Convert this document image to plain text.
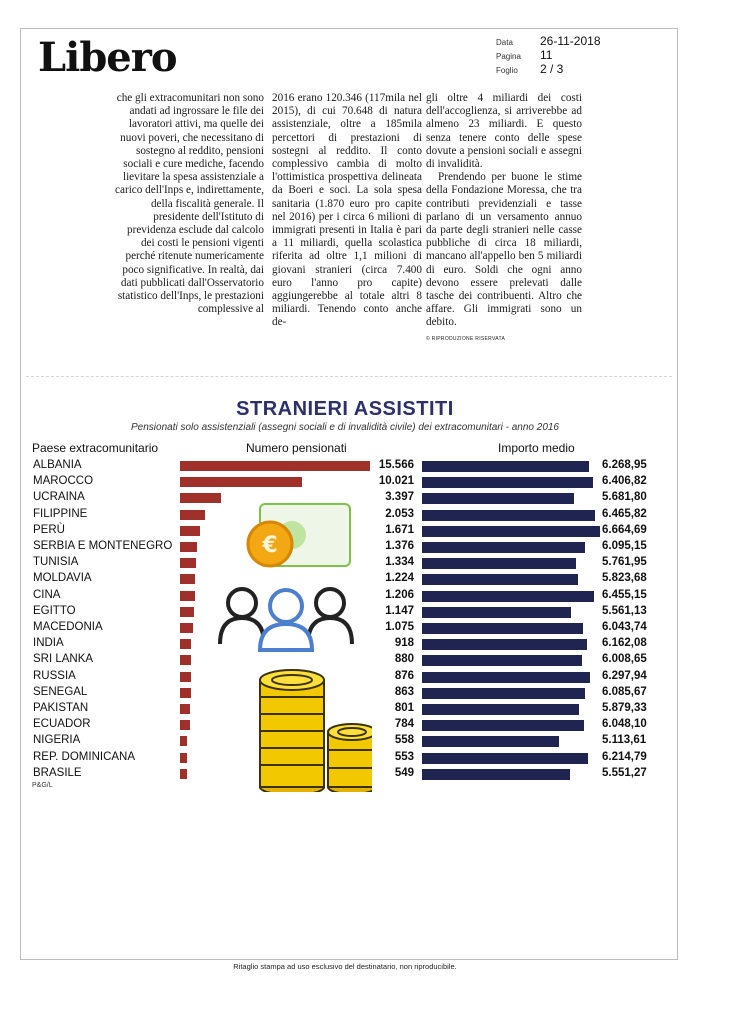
Libero	Data	26-11-2018
Pagina	11
Foglio	2 / 3

che gli extracomunitari non sono andati ad ingrossare le file dei lavoratori attivi, ma quelle dei nuovi poveri, che necessitano di sostegno al reddito, pensioni sociali e cure mediche, facendo lievitare la spesa assistenziale a carico dell'Inps e, indirettamente, della fiscalità generale. Il presidente dell'Istituto di previdenza esclude dal calcolo dei costi le pensioni vigenti perché ritenute numericamente poco significative. In realtà, dai dati pubblicati dall'Osservatorio statistico dell'Inps, le prestazioni complessive al

2016 erano 120.346 (117mila nel 2015), di cui 70.648 di natura assistenziale, oltre a 185mila percettori di prestazioni di sostegni al reddito. Il conto complessivo cambia di molto l'ottimistica prospettiva delineata da Boeri e soci. La sola spesa sanitaria (1.870 euro pro capite nel 2016) per i circa 6 milioni di immigrati presenti in Italia è pari a 11 miliardi, quella scolastica riferita ad oltre 1,1 milioni di giovani stranieri (circa 7.400 euro l'anno pro capite) aggiungerebbe al totale altri 8 miliardi. Tenendo conto anche de-

gli oltre 4 miliardi dei costi dell'accoglienza, si arriverebbe ad almeno 23 miliardi. E questo senza tenere conto delle spese dovute a pensioni sociali e assegni di invalidità.

Prendendo per buone le stime della Fondazione Moressa, che tra contributi previdenziali e tasse parlano di un versamento annuo da parte degli stranieri nelle casse pubbliche di circa 18 miliardi, mancano all'appello ben 5 miliardi di euro. Soldi che ogni anno devono essere prelevati dalle tasche dei contribuenti. Altro che affare. Gli immigrati sono un debito.

© RIPRODUZIONE RISERVATA

STRANIERI ASSISTITI
Pensionati solo assistenziali (assegni sociali e di invalidità civile) dei extracomunitari - anno 2016
Paese extracomunitario	Numero pensionati	Importo medio
ALBANIA	15.566	6.268,95
MAROCCO	10.021	6.406,82
UCRAINA	3.397	5.681,80
FILIPPINE	2.053	6.465,82
PERÙ	1.671	6.664,69
SERBIA E MONTENEGRO	1.376	6.095,15
TUNISIA	1.334	5.761,95
MOLDAVIA	1.224	5.823,68
CINA	1.206	6.455,15
EGITTO	1.147	5.561,13
MACEDONIA	1.075	6.043,74
INDIA	918	6.162,08
SRI LANKA	880	6.008,65
RUSSIA	876	6.297,94
SENEGAL	863	6.085,67
PAKISTAN	801	5.879,33
ECUADOR	784	6.048,10
NIGERIA	558	5.113,61
REP. DOMINICANA	553	6.214,79
BRASILE	549	5.551,27
€
P&G/L
Ritaglio stampa ad uso esclusivo del destinatario, non riproducibile.
